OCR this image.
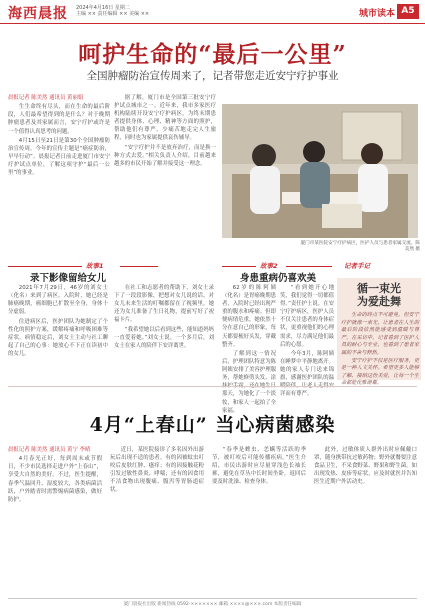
海西晨报 2024年4月16日 星期二
主编 ×× 责任编辑 ×× 美编 ××	城市读本 A5
呵护生命的“最后一公里”
全国肿瘤防治宣传周来了，记者带您走近安宁疗护事业

晨报记者 陈美然 通讯员 黄丽娟

生生命终有尽头，而在生命的最后阶段，人们最希望得到的是什么？对于晚期肿瘤患者及其家属而言，安宁疗护或许是一个值得认真思考的问题。

4月15日至21日是第30个全国肿瘤防治宣传周。今年的宣传主题是“癌症防治，早早行动”。晨报记者日前走进厦门市安宁疗护试点单位，了解这项守护“最后一公里”的事业。

据了解，厦门市是全国第三批安宁疗护试点城市之一。近年来，我市多家医疗机构陆续开设安宁疗护病区，为终末期患者提供身体、心理、精神等方面的照护，帮助他们有尊严、少痛苦地走完人生旅程，同时也为家属提供哀伤辅导。

“安宁疗护并不是放弃治疗，而是换一种方式去爱。”相关负责人介绍，目前越来越多的市民开始了解并接受这一理念。

厦门市某医院安宁疗护病区，医护人员与患者家属交流。陈美然 摄
故事1
录下影像留给女儿

2021年7月29日，46岁的刘女士（化名）来到了病区。入院时，她已经是肺癌晚期，癌细胞已扩散至全身，身体十分虚弱。

住进病区后，医护团队为她制定了个性化的照护方案，缓解疼痛和呼吸困难等症状。病情稳定后，刘女士主动与社工聊起了自己的心事：她放心不下正在读初中的女儿。

在社工和志愿者的帮助下，刘女士录下了一段段影像，把想对女儿说的话、对女儿未来生活的叮嘱都留在了视频里。她还为女儿准备了生日礼物，提前写好了祝福卡片。

“我希望她以后看到这些，能知道妈妈一直爱着她。”刘女士说。一个多月后，刘女士在家人的陪伴下安详离世。

故事2
身患重病仍喜欢美

62岁的陈阿姨（化名）是胃癌晚期患者，入院时已经出现严重的腹水和疼痛。但即便病情危重，她依然十分在意自己的形象，每天都要梳好头发，穿戴整齐。

了解到这一情况后，护理团队特意为陈阿姨安排了美容护理服务，帮她修剪头发、涂 那天，为她化了一个淡妆，和家人一起拍了全家福。

“看到她开心地笑，我们觉得一切都值得。”责任护士说。在安宁疗护病区，医护人员不仅关注患者的身体症状，更重视他们的心理需求，尽力满足他们最后的心愿。

今年3月，陈阿姨在睡梦中平静地离开。她的家人专门送来锦旗，感谢医护团队的温 详而有尊严。

记者手记
循一束光
为爱赴舞

生命的终点不可避免，但安宁疗护就像一束光，让患者在人生的最后阶段依然能感受到温暖与尊严。在采访中，记者看到了医护人员的耐心与专业，也看到了患者家属的不舍与释然。

安宁疗护不仅是医疗服务，更是一种人文关怀。希望更多人能够了解、接纳这份关爱，让每一个生命都能优雅谢幕。

4月“上春山” 当心病菌感染

晨报记者 陈美然 通讯员 黄宁 李晴

4月春光正好，每到周末或节假日，不少市民选择走进户外“上春山”，享受大自然的美好。不过，医生提醒，春季气温回升、湿度较大，各类病菌活跃，户外踏青时需警惕病菌感染，做好防护。

近日，某医院接诊了多名因外出游玩后出现不适的患者。有的因被蚊虫叮咬后皮肤红肿、瘙痒；有的因接触花粉引发过敏性鼻炎、哮喘；还有的因食用不洁食物出现腹痛、腹泻等胃肠道症状。

“春季是蜱虫、恙螨等活跃的季节，被叮咬后可能传播疾病。”医生介绍，市民出游时应尽量穿浅色长袖长裤，避免在草丛中长时间坐卧，返回后要及时洗澡、检查身体。

此外，过敏体质人群外出时应佩戴口罩，随身携带抗过敏药物；野外就餐要注意食品卫生，不采食野菜、野果和野生菌。如出现发热、皮疹等症状，应及时就医并告知医生近期户外活动史。

厦门晨报社出版 新闻热线 0592-××××××× 邮箱 ××××@×××.com 本版责任编辑
